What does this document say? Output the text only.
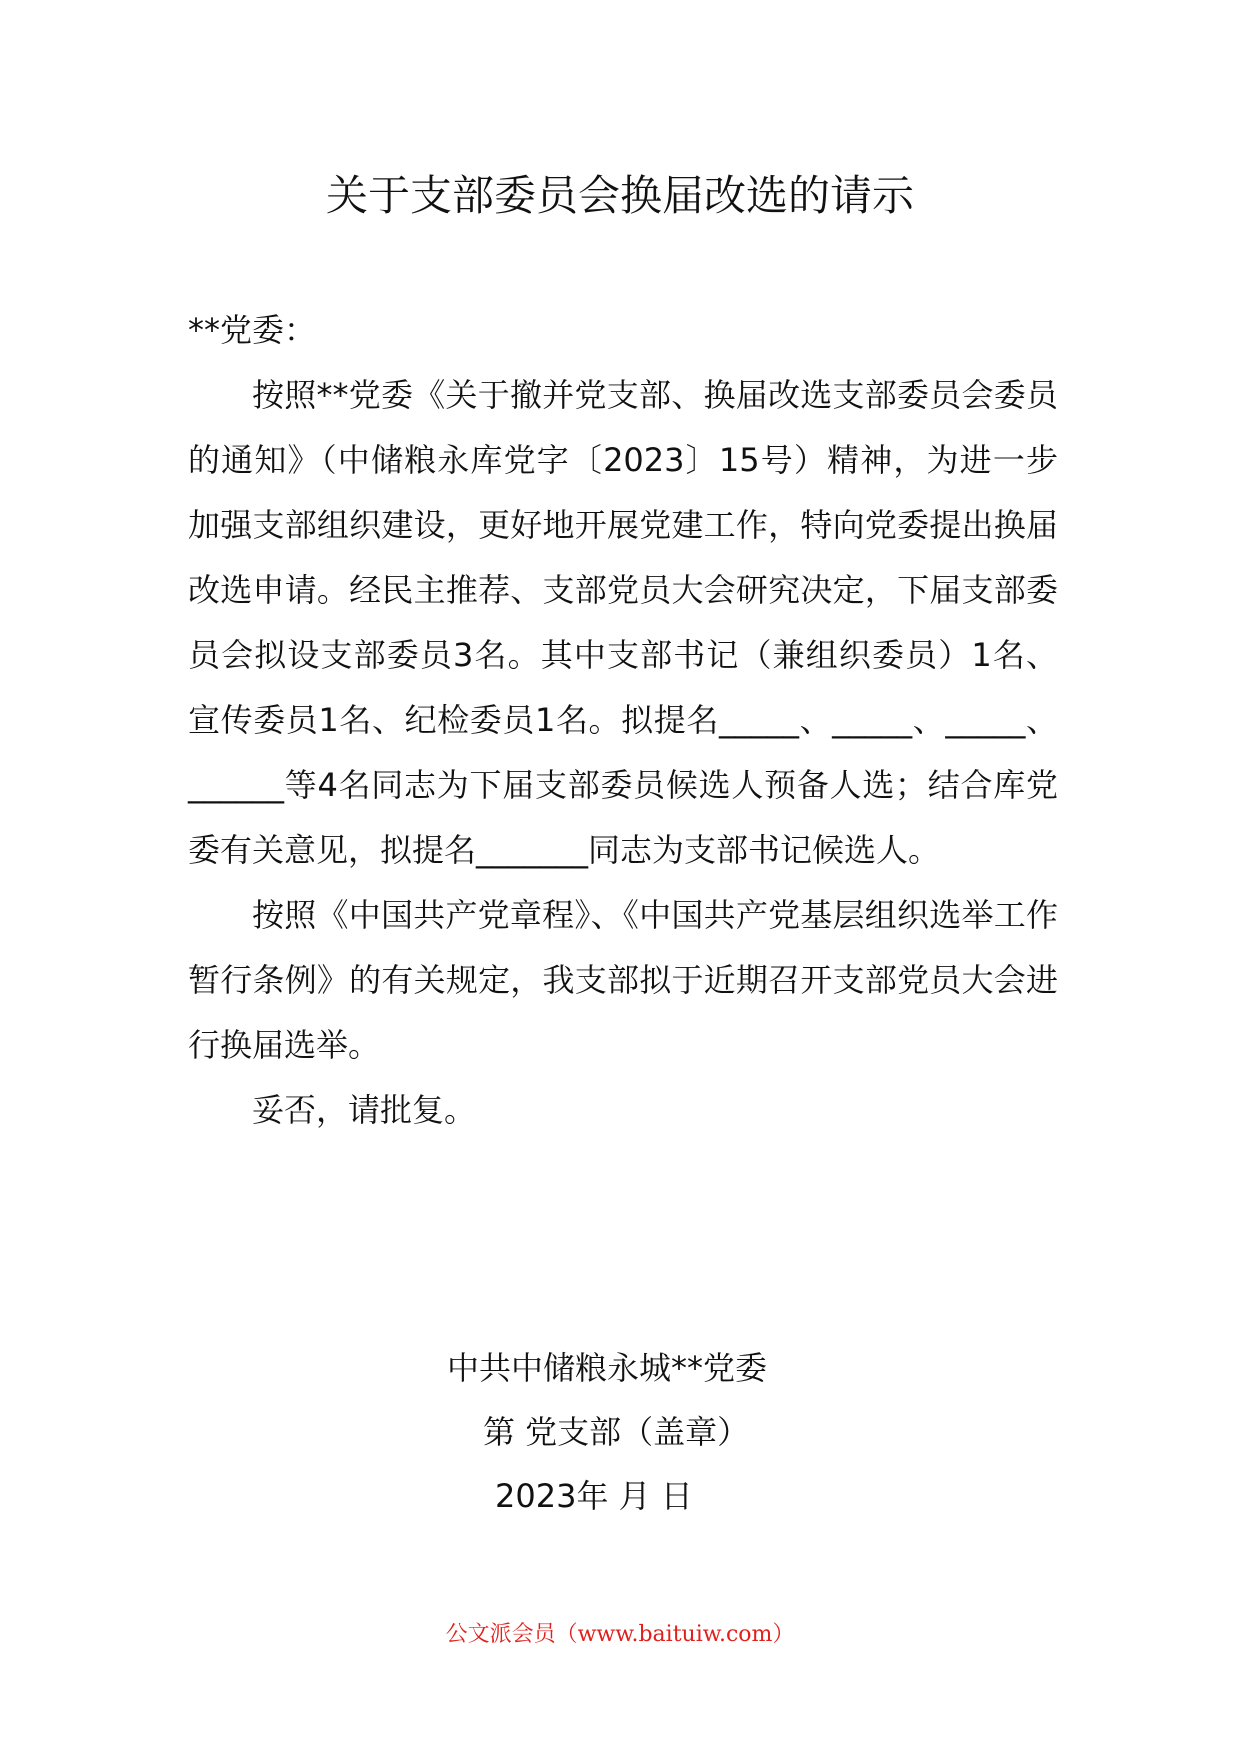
关于支部委员会换届改选的请示

**党委：

按照**党委《关于撤并党支部、换届改选支部委员会委员的通知》（中储粮永库党字〔2023〕15号）精神，为进一步加强支部组织建设，更好地开展党建工作，特向党委提出换届改选申请。经民主推荐、支部党员大会研究决定，下届支部委员会拟设支部委员3名。其中支部书记（兼组织委员）1名、宣传委员1名、纪检委员1名。拟提名_____、_____、_____、______等4名同志为下届支部委员候选人预备人选；结合库党委有关意见，拟提名_______同志为支部书记候选人。

按照《中国共产党章程》、《中国共产党基层组织选举工作暂行条例》的有关规定，我支部拟于近期召开支部党员大会进行换届选举。

妥否，请批复。

中共中储粮永城**党委
第 党支部（盖章）
2023年 月 日
公文派会员（www.baituiw.com）
